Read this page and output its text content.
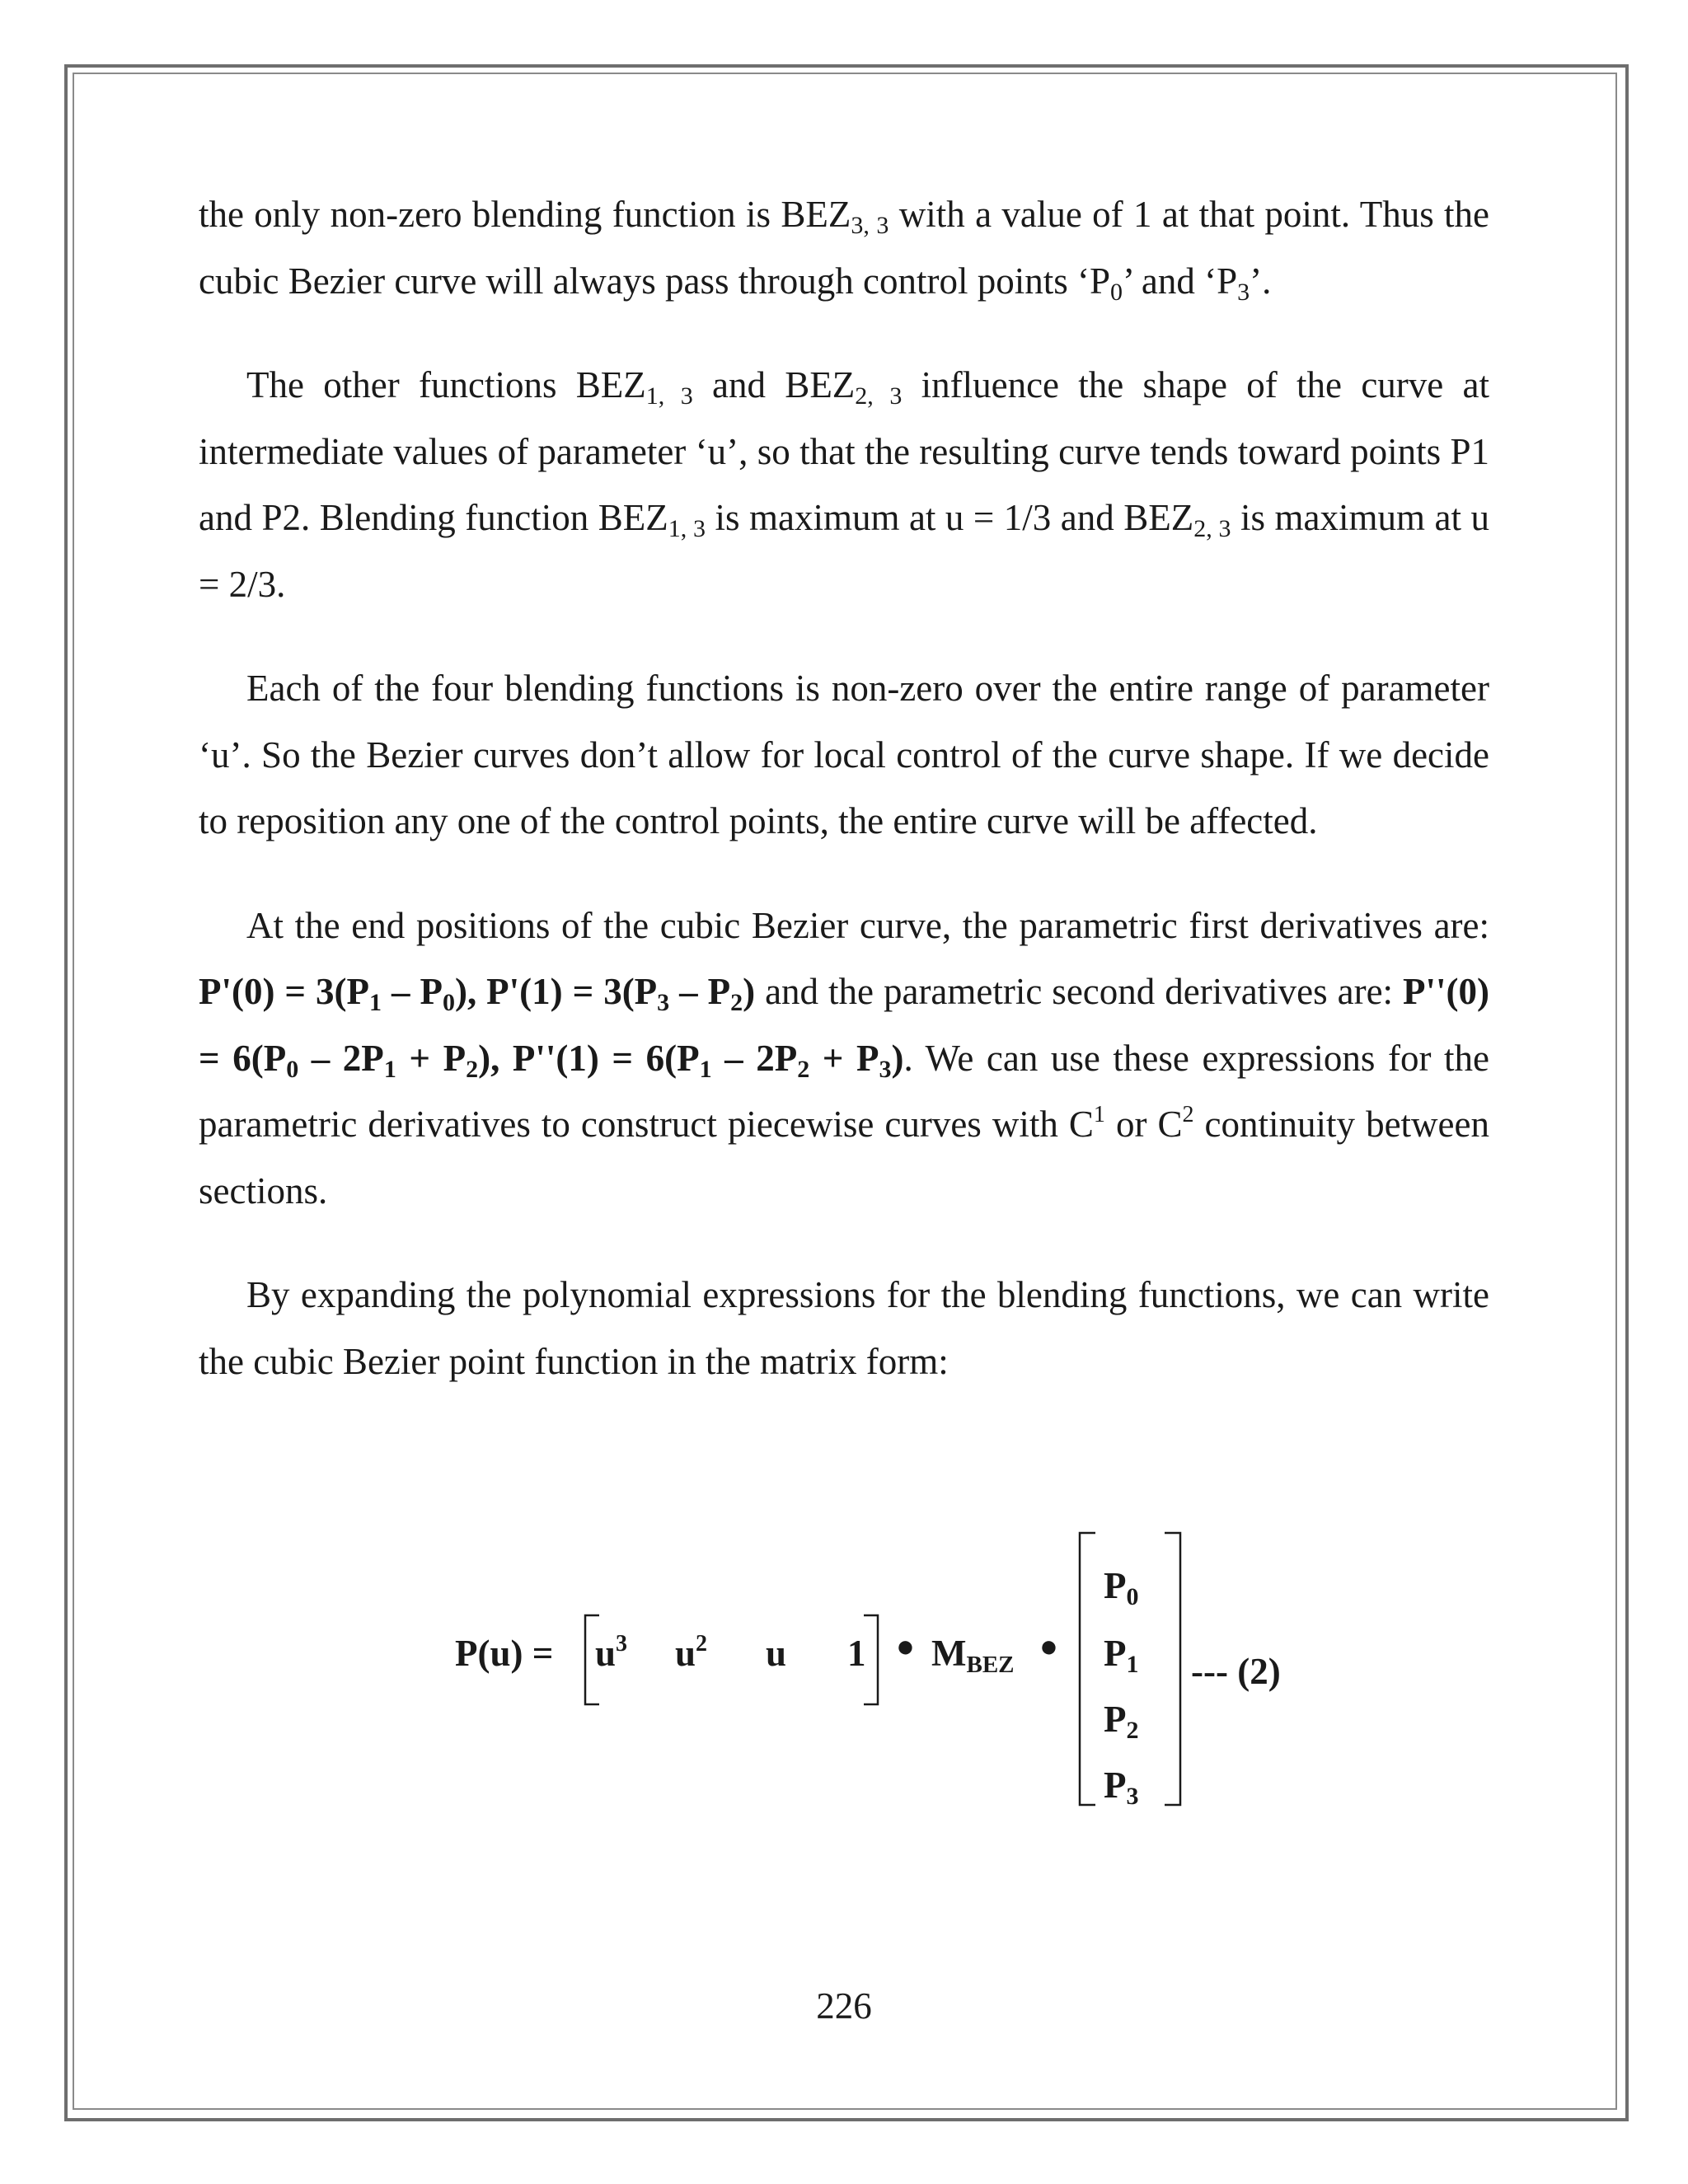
the only non-zero blending function is $BEZ_{3, 3}$ with a value of 1 at that point. Thus the cubic Bezier curve will always pass through control points ‘$P_0$’ and ‘$P_3$’.

The other functions $BEZ_{1, 3}$ and $BEZ_{2, 3}$ influence the shape of the curve at intermediate values of parameter ‘u’, so that the resulting curve tends toward points P1 and P2. Blending function $BEZ_{1, 3}$ is maximum at u = 1/3 and $BEZ_{2, 3}$ is maximum at u = 2/3.

Each of the four blending functions is non-zero over the entire range of parameter ‘u’. So the Bezier curves don’t allow for local control of the curve shape. If we decide to reposition any one of the control points, the entire curve will be affected.

At the end positions of the cubic Bezier curve, the parametric first derivatives are: $P'(0) = 3(P_1 - P_0)$, $P'(1) = 3(P_3 - P_2)$ and the parametric second derivatives are: $P''(0) = 6(P_0 - 2P_1 + P_2)$, $P''(1) = 6(P_1 - 2P_2 + P_3)$. We can use these expressions for the parametric derivatives to construct piecewise curves with $C^1$ or $C^2$ continuity between sections.

By expanding the polynomial expressions for the blending functions, we can write the cubic Bezier point function in the matrix form:

$P(u) = u^3$ $u^2$ u 1 ● $M_{BEZ}$
●
$P_0$
$P_1$
$P_2$
$P_3$
--- (2)
226
